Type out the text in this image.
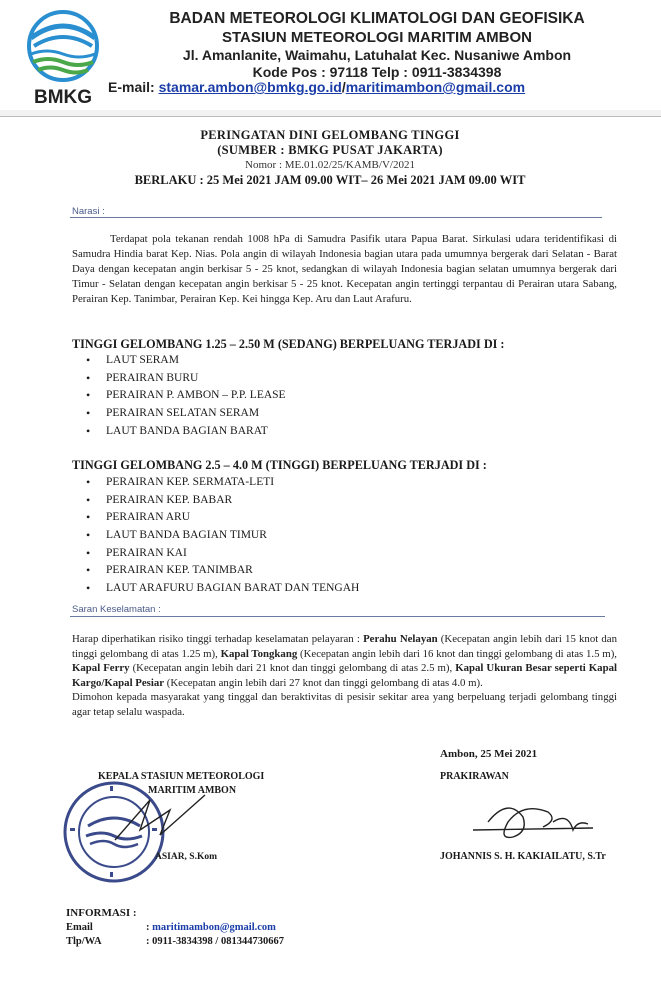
BMKG
BADAN METEOROLOGI KLIMATOLOGI DAN GEOFISIKA
STASIUN METEOROLOGI MARITIM AMBON
Jl. Amanlanite, Waimahu, Latuhalat Kec. Nusaniwe Ambon
Kode Pos : 97118 Telp : 0911-3834398
E-mail: stamar.ambon@bmkg.go.id/maritimambon@gmail.com
PERINGATAN DINI GELOMBANG TINGGI
(SUMBER : BMKG PUSAT JAKARTA)
Nomor : ME.01.02/25/KAMB/V/2021
BERLAKU : 25 Mei 2021 JAM 09.00 WIT– 26 Mei 2021 JAM 09.00 WIT
Narasi :

Terdapat pola tekanan rendah 1008 hPa di Samudra Pasifik utara Papua Barat. Sirkulasi udara teridentifikasi di Samudra Hindia barat Kep. Nias. Pola angin di wilayah Indonesia bagian utara pada umumnya bergerak dari Selatan - Barat Daya dengan kecepatan angin berkisar 5 - 25 knot, sedangkan di wilayah Indonesia bagian selatan umumnya bergerak dari Timur - Selatan dengan kecepatan angin berkisar 5 - 25 knot. Kecepatan angin tertinggi terpantau di Perairan utara Sabang, Perairan Kep. Tanimbar, Perairan Kep. Kei hingga Kep. Aru dan Laut Arafuru.

TINGGI GELOMBANG 1.25 – 2.50 M (SEDANG) BERPELUANG TERJADI DI :
• LAUT SERAM
• PERAIRAN BURU
• PERAIRAN P. AMBON – P.P. LEASE
• PERAIRAN SELATAN SERAM
• LAUT BANDA BAGIAN BARAT
TINGGI GELOMBANG 2.5 – 4.0 M (TINGGI) BERPELUANG TERJADI DI :
• PERAIRAN KEP. SERMATA-LETI
• PERAIRAN KEP. BABAR
• PERAIRAN ARU
• LAUT BANDA BAGIAN TIMUR
• PERAIRAN KAI
• PERAIRAN KEP. TANIMBAR
• LAUT ARAFURU BAGIAN BARAT DAN TENGAH
Saran Keselamatan :

Harap diperhatikan risiko tinggi terhadap keselamatan pelayaran : Perahu Nelayan (Kecepatan angin lebih dari 15 knot dan tinggi gelombang di atas 1.25 m), Kapal Tongkang (Kecepatan angin lebih dari 16 knot dan tinggi gelombang di atas 1.5 m), Kapal Ferry (Kecepatan angin lebih dari 21 knot dan tinggi gelombang di atas 2.5 m), Kapal Ukuran Besar seperti Kapal Kargo/Kapal Pesiar (Kecepatan angin lebih dari 27 knot dan tinggi gelombang di atas 4.0 m).

Dimohon kepada masyarakat yang tinggal dan beraktivitas di pesisir sekitar area yang berpeluang terjadi gelombang tinggi agar tetap selalu waspada.

Ambon, 25 Mei 2021
KEPALA STASIUN METEOROLOGI
MARITIM AMBON
PRAKIRAWAN
ASIAR, S.Kom	JOHANNIS S. H. KAKIAILATU, S.Tr
INFORMASI :
Email	: maritimambon@gmail.com
Tlp/WA	: 0911-3834398 / 081344730667
